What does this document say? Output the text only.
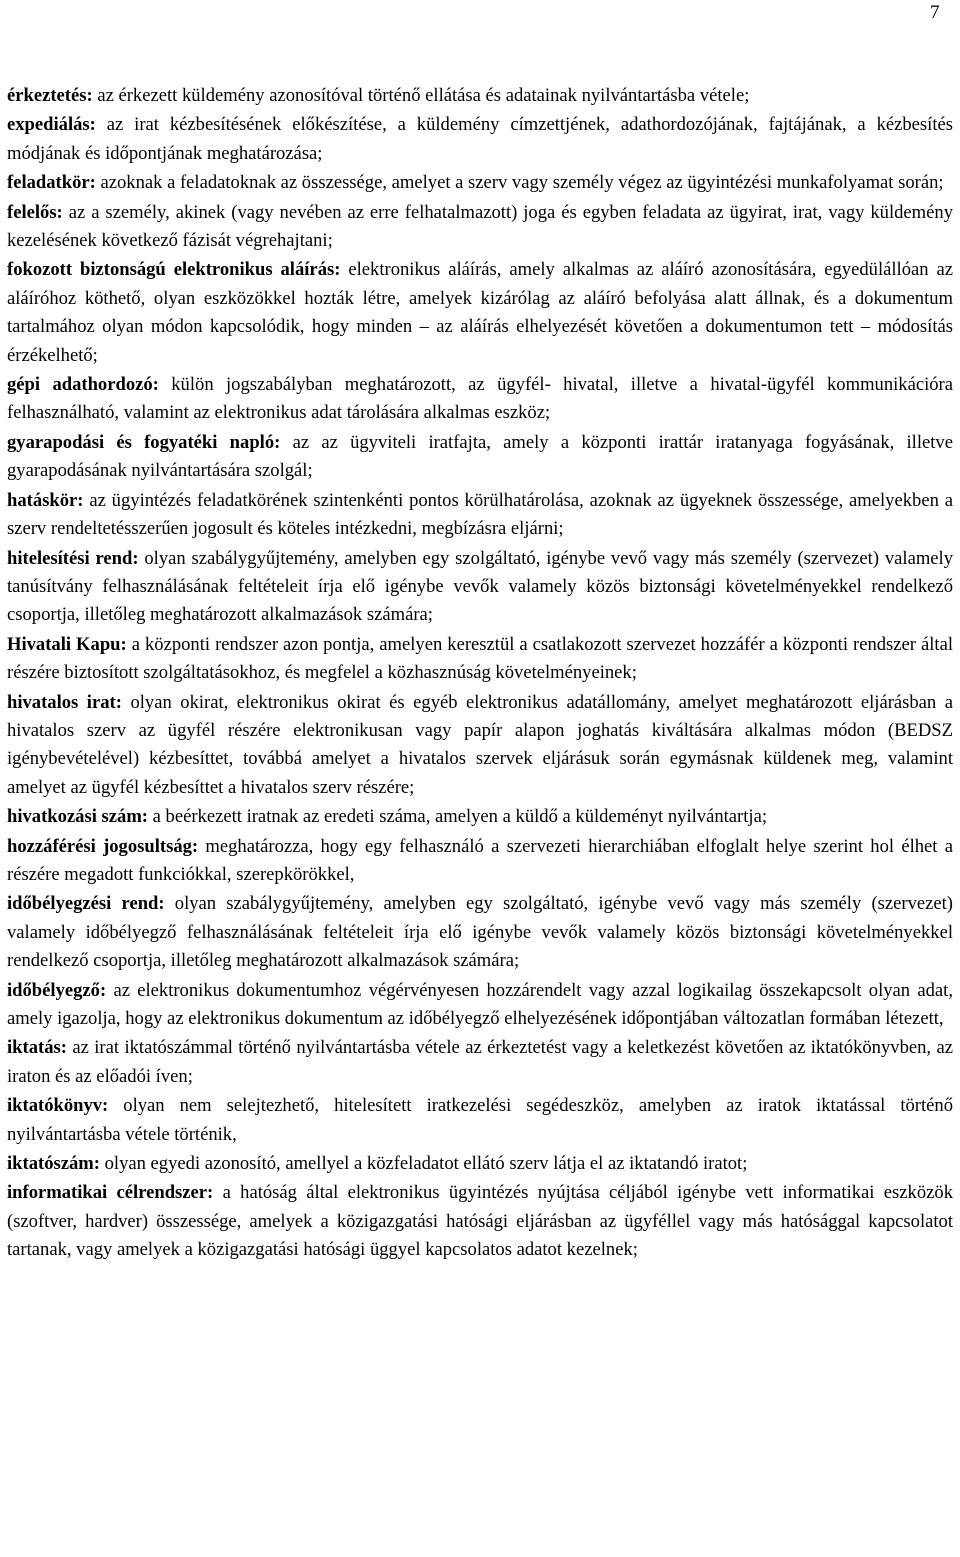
7

érkeztetés: az érkezett küldemény azonosítóval történő ellátása és adatainak nyilvántartásba vétele;

expediálás: az irat kézbesítésének előkészítése, a küldemény címzettjének, adathordozójának, fajtájának, a kézbesítés módjának és időpontjának meghatározása;

feladatkör: azoknak a feladatoknak az összessége, amelyet a szerv vagy személy végez az ügyintézési munkafolyamat során;

felelős: az a személy, akinek (vagy nevében az erre felhatalmazott) joga és egyben feladata az ügyirat, irat, vagy küldemény kezelésének következő fázisát végrehajtani;

fokozott biztonságú elektronikus aláírás: elektronikus aláírás, amely alkalmas az aláíró azonosítására, egyedülállóan az aláíróhoz köthető, olyan eszközökkel hozták létre, amelyek kizárólag az aláíró befolyása alatt állnak, és a dokumentum tartalmához olyan módon kapcsolódik, hogy minden – az aláírás elhelyezését követően a dokumentumon tett – módosítás érzékelhető;

gépi adathordozó: külön jogszabályban meghatározott, az ügyfél- hivatal, illetve a hivatal-ügyfél kommunikációra felhasználható, valamint az elektronikus adat tárolására alkalmas eszköz;

gyarapodási és fogyatéki napló: az az ügyviteli iratfajta, amely a központi irattár iratanyaga fogyásának, illetve gyarapodásának nyilvántartására szolgál;

hatáskör: az ügyintézés feladatkörének szintenkénti pontos körülhatárolása, azoknak az ügyeknek összessége, amelyekben a szerv rendeltetésszerűen jogosult és köteles intézkedni, megbízásra eljárni;

hitelesítési rend: olyan szabálygyűjtemény, amelyben egy szolgáltató, igénybe vevő vagy más személy (szervezet) valamely tanúsítvány felhasználásának feltételeit írja elő igénybe vevők valamely közös biztonsági követelményekkel rendelkező csoportja, illetőleg meghatározott alkalmazások számára;

Hivatali Kapu: a központi rendszer azon pontja, amelyen keresztül a csatlakozott szervezet hozzáfér a központi rendszer által részére biztosított szolgáltatásokhoz, és megfelel a közhasznúság követelményeinek;

hivatalos irat: olyan okirat, elektronikus okirat és egyéb elektronikus adatállomány, amelyet meghatározott eljárásban a hivatalos szerv az ügyfél részére elektronikusan vagy papír alapon joghatás kiváltására alkalmas módon (BEDSZ igénybevételével) kézbesíttet, továbbá amelyet a hivatalos szervek eljárásuk során egymásnak küldenek meg, valamint amelyet az ügyfél kézbesíttet a hivatalos szerv részére;

hivatkozási szám: a beérkezett iratnak az eredeti száma, amelyen a küldő a küldeményt nyilvántartja;

hozzáférési jogosultság: meghatározza, hogy egy felhasználó a szervezeti hierarchiában elfoglalt helye szerint hol élhet a részére megadott funkciókkal, szerepkörökkel,

időbélyegzési rend: olyan szabálygyűjtemény, amelyben egy szolgáltató, igénybe vevő vagy más személy (szervezet) valamely időbélyegző felhasználásának feltételeit írja elő igénybe vevők valamely közös biztonsági követelményekkel rendelkező csoportja, illetőleg meghatározott alkalmazások számára;

időbélyegző: az elektronikus dokumentumhoz végérvényesen hozzárendelt vagy azzal logikailag összekapcsolt olyan adat, amely igazolja, hogy az elektronikus dokumentum az időbélyegző elhelyezésének időpontjában változatlan formában létezett,

iktatás: az irat iktatószámmal történő nyilvántartásba vétele az érkeztetést vagy a keletkezést követően az iktatókönyvben, az iraton és az előadói íven;

iktatókönyv: olyan nem selejtezhető, hitelesített iratkezelési segédeszköz, amelyben az iratok iktatással történő nyilvántartásba vétele történik,

iktatószám: olyan egyedi azonosító, amellyel a közfeladatot ellátó szerv látja el az iktatandó iratot;

informatikai célrendszer: a hatóság által elektronikus ügyintézés nyújtása céljából igénybe vett informatikai eszközök (szoftver, hardver) összessége, amelyek a közigazgatási hatósági eljárásban az ügyféllel vagy más hatósággal kapcsolatot tartanak, vagy amelyek a közigazgatási hatósági üggyel kapcsolatos adatot kezelnek;
